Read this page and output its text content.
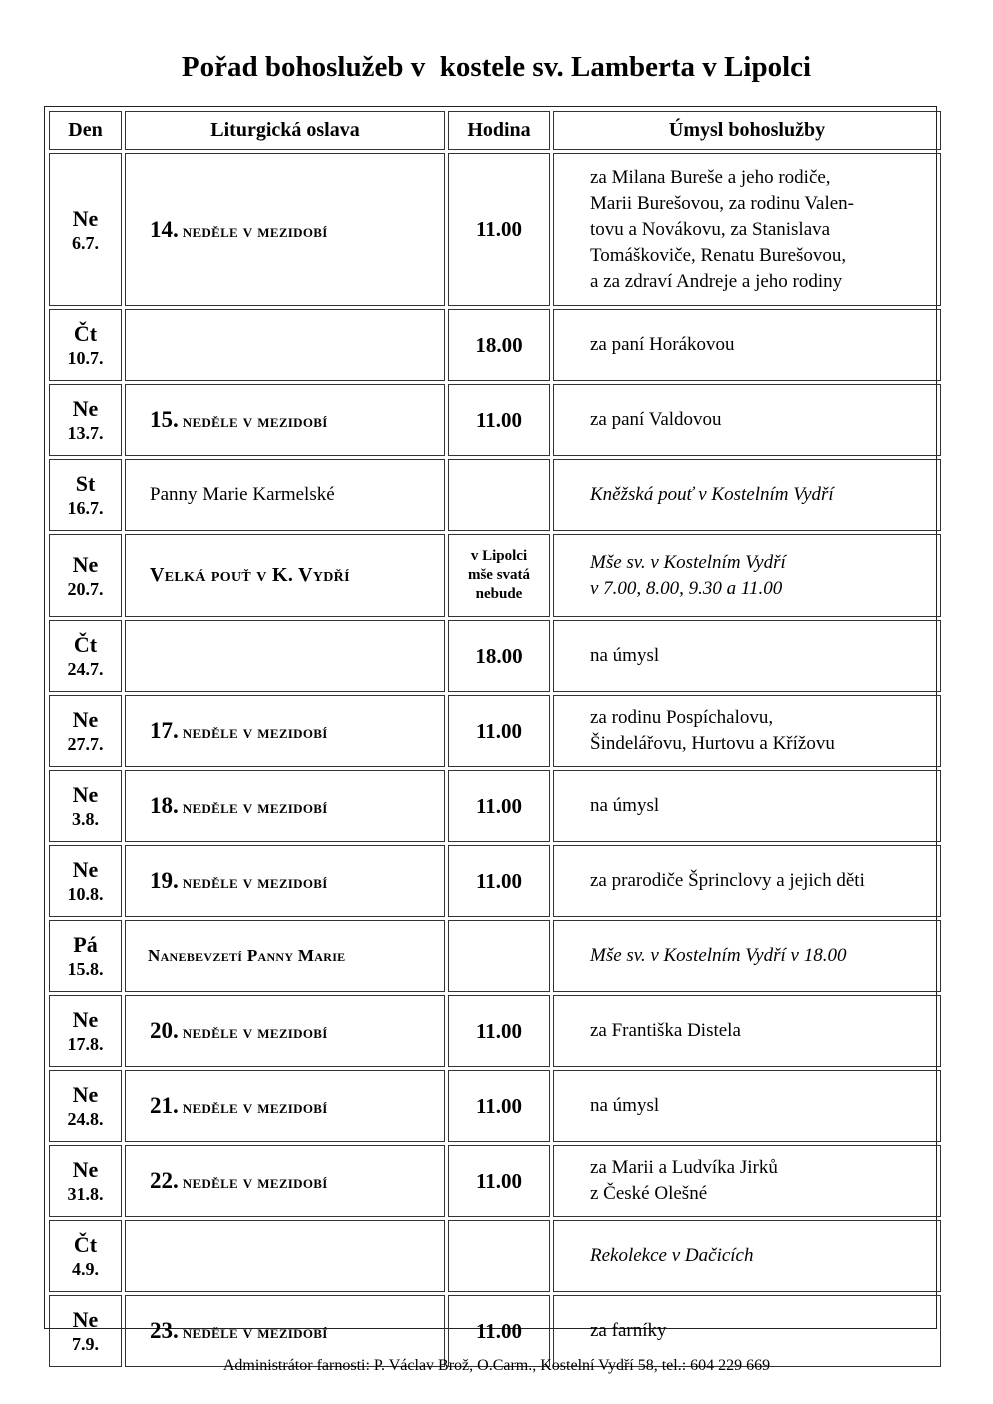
Pořad bohoslužeb v  kostele sv. Lamberta v Lipolci
Den	Liturgická oslava	Hodina	Úmysl bohoslužby

Ne
6.7.	14. neděle v mezidobí	11.00	za Milana Bureše a jeho rodiče,
Marii Burešovou, za rodinu Valen-
tovu a Novákovu, za Stanislava
Tomáškoviče, Renatu Burešovou,
a za zdraví Andreje a jeho rodiny

Čt
10.7.		18.00	za paní Horákovou

Ne
13.7.	15. neděle v mezidobí	11.00	za paní Valdovou

St
16.7.	Panny Marie Karmelské		Kněžská pouť v Kostelním Vydří

Ne
20.7.	Velká pouť v K. Vydří	v Lipolci
mše svatá
nebude	Mše sv. v Kostelním Vydří
v 7.00, 8.00, 9.30 a 11.00

Čt
24.7.		18.00	na úmysl

Ne
27.7.	17. neděle v mezidobí	11.00	za rodinu Pospíchalovu,
Šindelářovu, Hurtovu a Křížovu

Ne
3.8.	18. neděle v mezidobí	11.00	na úmysl

Ne
10.8.	19. neděle v mezidobí	11.00	za prarodiče Šprinclovy a jejich děti

Pá
15.8.	Nanebevzetí Panny Marie		Mše sv. v Kostelním Vydří v 18.00

Ne
17.8.	20. neděle v mezidobí	11.00	za Františka Distela

Ne
24.8.	21. neděle v mezidobí	11.00	na úmysl

Ne
31.8.	22. neděle v mezidobí	11.00	za Marii a Ludvíka Jirků
z České Olešné

Čt
4.9.			Rekolekce v Dačicích

Ne
7.9.	23. neděle v mezidobí	11.00	za farníky
Administrátor farnosti: P. Václav Brož, O.Carm., Kostelní Vydří 58, tel.: 604 229 669
